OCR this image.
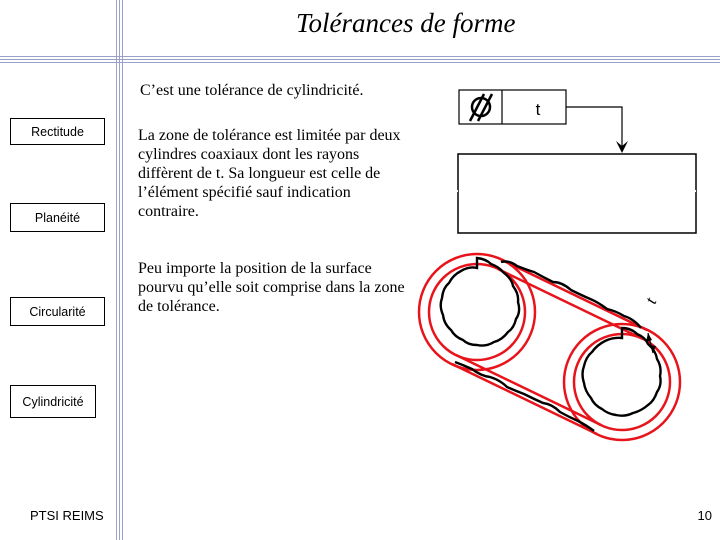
Tolérances de forme
Rectitude
Planéité
Circularité
Cylindricité
C’est une tolérance de cylindricité.
La zone de tolérance est limitée par deux cylindres coaxiaux dont les rayons diffèrent de t. Sa longueur est celle de l’élément spécifié sauf indication contraire.
Peu importe la position de la surface pourvu qu’elle soit comprise dans la zone de tolérance.
t
t
PTSI REIMS	10
